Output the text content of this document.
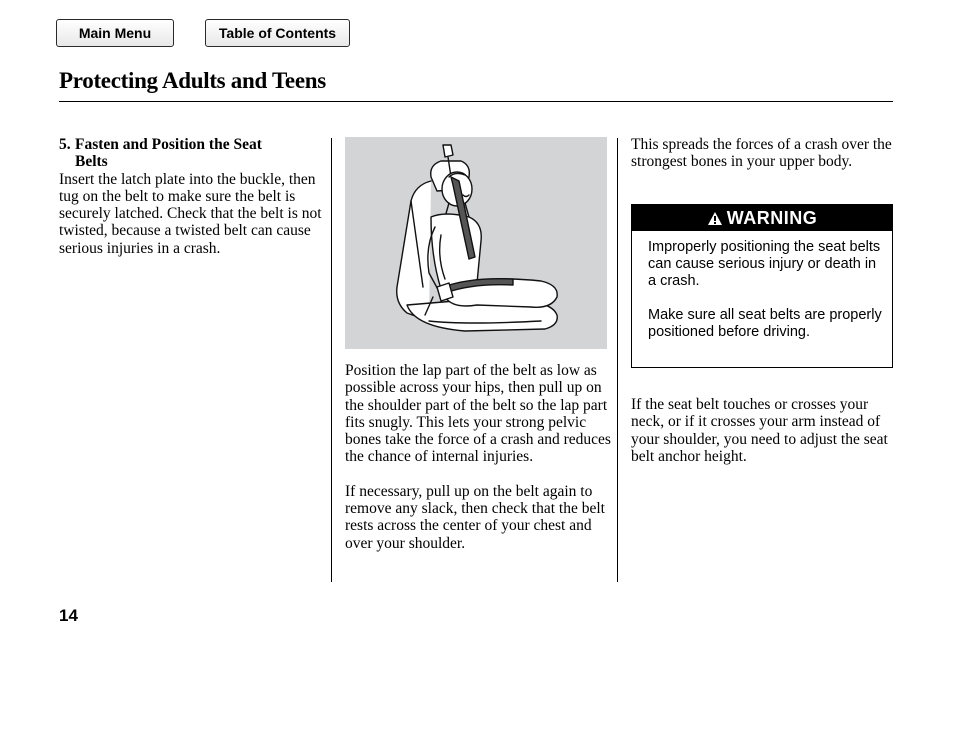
Main Menu	Table of Contents
Protecting Adults and Teens

5. Fasten and Position the Seat
Belts

Insert the latch plate into the buckle, then tug on the belt to make sure the belt is securely latched. Check that the belt is not twisted, because a twisted belt can cause serious injuries in a crash.

Position the lap part of the belt as low as possible across your hips, then pull up on the shoulder part of the belt so the lap part fits snugly. This lets your strong pelvic bones take the force of a crash and reduces the chance of internal injuries.

If necessary, pull up on the belt again to remove any slack, then check that the belt rests across the center of your chest and over your shoulder.

This spreads the forces of a crash over the strongest bones in your upper body.

WARNING

Improperly positioning the seat belts can cause serious injury or death in a crash.

Make sure all seat belts are properly positioned before driving.

If the seat belt touches or crosses your neck, or if it crosses your arm instead of your shoulder, you need to adjust the seat belt anchor height.

14
